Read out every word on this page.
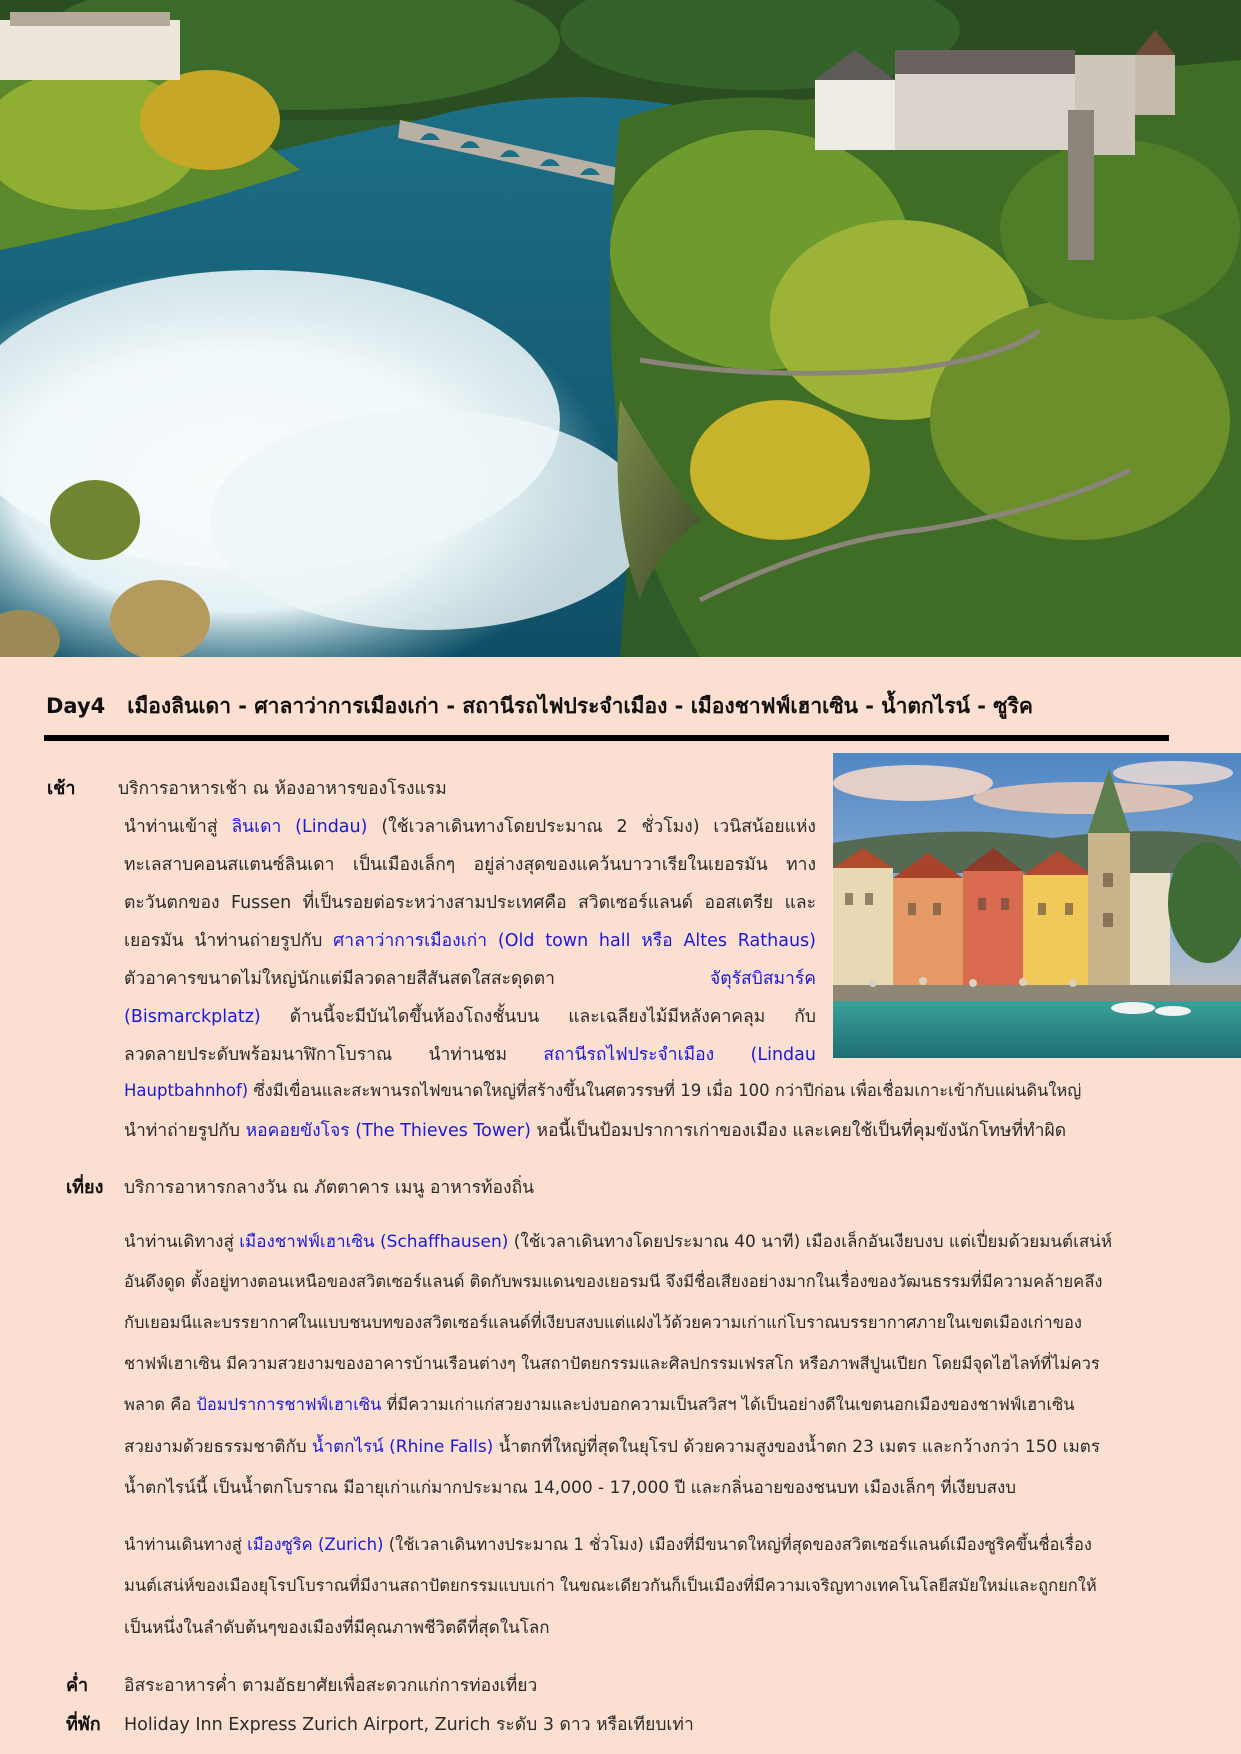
Day4 เมืองลินเดา - ศาลาว่าการเมืองเก่า - สถานีรถไฟประจำเมือง - เมืองชาฟฟ์เฮาเซิน - น้ำตกไรน์ - ซูริค
เช้า บริการอาหารเช้า ณ ห้องอาหารของโรงแรม
นำท่านเข้าสู่ ลินเดา (Lindau) (ใช้เวลาเดินทางโดยประมาณ 2 ชั่วโมง) เวนิสน้อยแห่ง
ทะเลสาบคอนสแตนซ์ลินเดา เป็นเมืองเล็กๆ อยู่ล่างสุดของแคว้นบาวาเรียในเยอรมัน ทาง
ตะวันตกของ Fussen ที่เป็นรอยต่อระหว่างสามประเทศคือ สวิตเซอร์แลนด์ ออสเตรีย และ
เยอรมัน นำท่านถ่ายรูปกับ ศาลาว่าการเมืองเก่า (Old town hall หรือ Altes Rathaus)
ตัวอาคารขนาดไม่ใหญ่นักแต่มีลวดลายสีสันสดใสสะดุดตา จัตุรัสบิสมาร์ค
(Bismarckplatz) ด้านนี้จะมีบันไดขึ้นห้องโถงชั้นบน และเฉลียงไม้มีหลังคาคลุม กับ
ลวดลายประดับพร้อมนาฬิกาโบราณ นำท่านชม สถานีรถไฟประจำเมือง (Lindau
Hauptbahnhof) ซึ่งมีเขื่อนและสะพานรถไฟขนาดใหญ่ที่สร้างขึ้นในศตวรรษที่ 19 เมื่อ 100 กว่าปีก่อน เพื่อเชื่อมเกาะเข้ากับแผ่นดินใหญ่
นำท่าถ่ายรูปกับ หอคอยขังโจร (The Thieves Tower) หอนี้เป็นป้อมปราการเก่าของเมือง และเคยใช้เป็นที่คุมขังนักโทษที่ทำผิด
เที่ยง บริการอาหารกลางวัน ณ ภัตตาคาร เมนู อาหารท้องถิ่น
นำท่านเดิทางสู่ เมืองชาฟฟ์เฮาเซิน (Schaffhausen) (ใช้เวลาเดินทางโดยประมาณ 40 นาที) เมืองเล็กอันเงียบงบ แต่เปี่ยมด้วยมนต์เสน่ห์
อันดึงดูด ตั้งอยู่ทางตอนเหนือของสวิตเซอร์แลนด์ ติดกับพรมแดนของเยอรมนี จึงมีชื่อเสียงอย่างมากในเรื่องของวัฒนธรรมที่มีความคล้ายคลึง
กับเยอมนีและบรรยากาศในแบบชนบทของสวิตเซอร์แลนด์ที่เงียบสงบแต่แฝงไว้ด้วยความเก่าแก่โบราณบรรยากาศภายในเขตเมืองเก่าของ
ชาฟฟ์เฮาเซิน มีความสวยงามของอาคารบ้านเรือนต่างๆ ในสถาปัตยกรรมและศิลปกรรมเฟรสโก หรือภาพสีปูนเปียก โดยมีจุดไฮไลท์ที่ไม่ควร
พลาด คือ ป้อมปราการชาฟฟ์เฮาเซิน ที่มีความเก่าแก่สวยงามและบ่งบอกความเป็นสวิสฯ ได้เป็นอย่างดีในเขตนอกเมืองของชาฟฟ์เฮาเซิน
สวยงามด้วยธรรมชาติกับ น้ำตกไรน์ (Rhine Falls) น้ำตกที่ใหญ่ที่สุดในยุโรป ด้วยความสูงของน้ำตก 23 เมตร และกว้างกว่า 150 เมตร
น้ำตกไรน์นี้ เป็นน้ำตกโบราณ มีอายุเก่าแก่มากประมาณ 14,000 - 17,000 ปี และกลิ่นอายของชนบท เมืองเล็กๆ ที่เงียบสงบ
นำท่านเดินทางสู่ เมืองซูริค (Zurich) (ใช้เวลาเดินทางประมาณ 1 ชั่วโมง) เมืองที่มีขนาดใหญ่ที่สุดของสวิตเซอร์แลนด์เมืองซูริคขึ้นชื่อเรื่อง
มนต์เสน่ห์ของเมืองยุโรปโบราณที่มีงานสถาปัตยกรรมแบบเก่า ในขณะเดียวกันก็เป็นเมืองที่มีความเจริญทางเทคโนโลยีสมัยใหม่และถูกยกให้
เป็นหนึ่งในลำดับต้นๆของเมืองที่มีคุณภาพชีวิตดีที่สุดในโลก
ค่ำ อิสระอาหารค่ำ ตามอัธยาศัยเพื่อสะดวกแก่การท่องเที่ยว
ที่พัก Holiday Inn Express Zurich Airport, Zurich ระดับ 3 ดาว หรือเทียบเท่า
